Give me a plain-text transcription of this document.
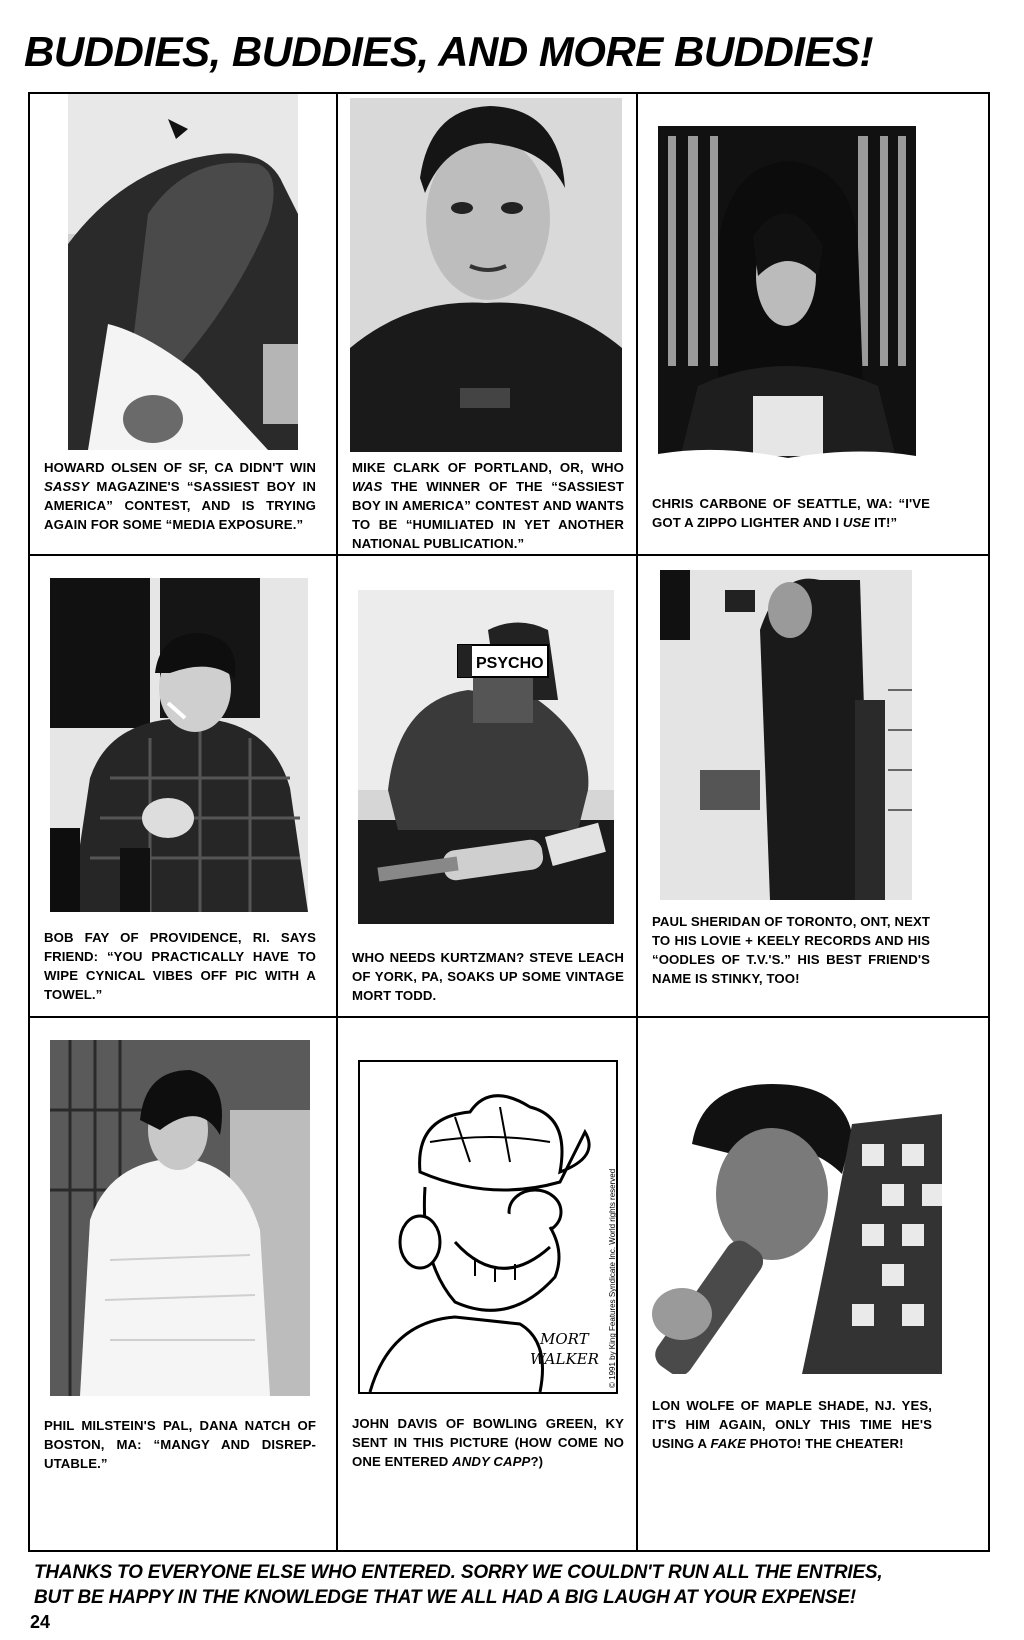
BUDDIES, BUDDIES, AND MORE BUDDIES!
HOWARD OLSEN OF SF, CA DIDN'T WIN SASSY MAGAZINE'S “SASSIEST BOY IN AMERICA” CONTEST, AND IS TRYING AGAIN FOR SOME “MEDIA EXPOSURE.”
MIKE CLARK OF PORTLAND, OR, WHO WAS THE WINNER OF THE “SASSIEST BOY IN AMERICA” CONTEST AND WANTS TO BE “HUMILIATED IN YET ANOTHER NATIONAL PUBLICATION.”
CHRIS CARBONE OF SEATTLE, WA: “I'VE GOT A ZIPPO LIGHTER AND I USE IT!”
BOB FAY OF PROVIDENCE, RI. SAYS FRIEND: “YOU PRACTICALLY HAVE TO WIPE CYNICAL VIBES OFF PIC WITH A TOWEL.”
PSYCHO
WHO NEEDS KURTZMAN? STEVE LEACH OF YORK, PA, SOAKS UP SOME VINTAGE MORT TODD.
PAUL SHERIDAN OF TORONTO, ONT, NEXT TO HIS LOVIE + KEELY RECORDS AND HIS “OODLES OF T.V.'S.” HIS BEST FRIEND'S NAME IS STINKY, TOO!
PHIL MILSTEIN'S PAL, DANA NATCH OF BOSTON, MA: “MANGY AND DISREP-UTABLE.”
MORT
WALKER © 1991 by King Features Syndicate Inc. World rights reserved
JOHN DAVIS OF BOWLING GREEN, KY SENT IN THIS PICTURE (HOW COME NO ONE ENTERED ANDY CAPP?)
LON WOLFE OF MAPLE SHADE, NJ. YES, IT'S HIM AGAIN, ONLY THIS TIME HE'S USING A FAKE PHOTO! THE CHEATER!
THANKS TO EVERYONE ELSE WHO ENTERED. SORRY WE COULDN'T RUN ALL THE ENTRIES,
BUT BE HAPPY IN THE KNOWLEDGE THAT WE ALL HAD A BIG LAUGH AT YOUR EXPENSE!
24
